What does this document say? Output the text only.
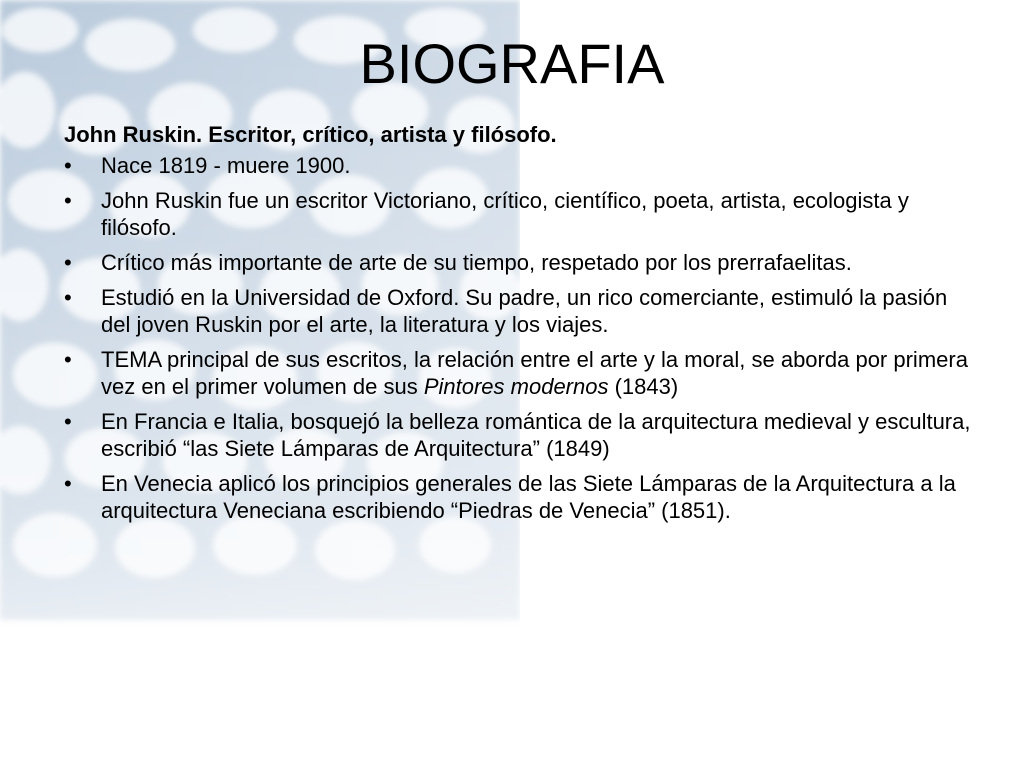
BIOGRAFIA
John Ruskin. Escritor, crítico, artista y filósofo.
• Nace 1819 - muere 1900.
• John Ruskin fue un escritor Victoriano, crítico, científico, poeta, artista, ecologista y filósofo.
• Crítico más importante de arte de su tiempo, respetado por los prerrafaelitas.
• Estudió en la Universidad de Oxford. Su padre, un rico comerciante, estimuló la pasión del joven Ruskin por el arte, la literatura y los viajes.
• TEMA principal de sus escritos, la relación entre el arte y la moral, se aborda por primera vez en el primer volumen de sus Pintores modernos (1843)
• En Francia e Italia, bosquejó la belleza romántica de la arquitectura medieval y escultura, escribió “las Siete Lámparas de Arquitectura” (1849)
• En Venecia aplicó los principios generales de las Siete Lámparas de la Arquitectura a la arquitectura Veneciana escribiendo “Piedras de Venecia” (1851).
